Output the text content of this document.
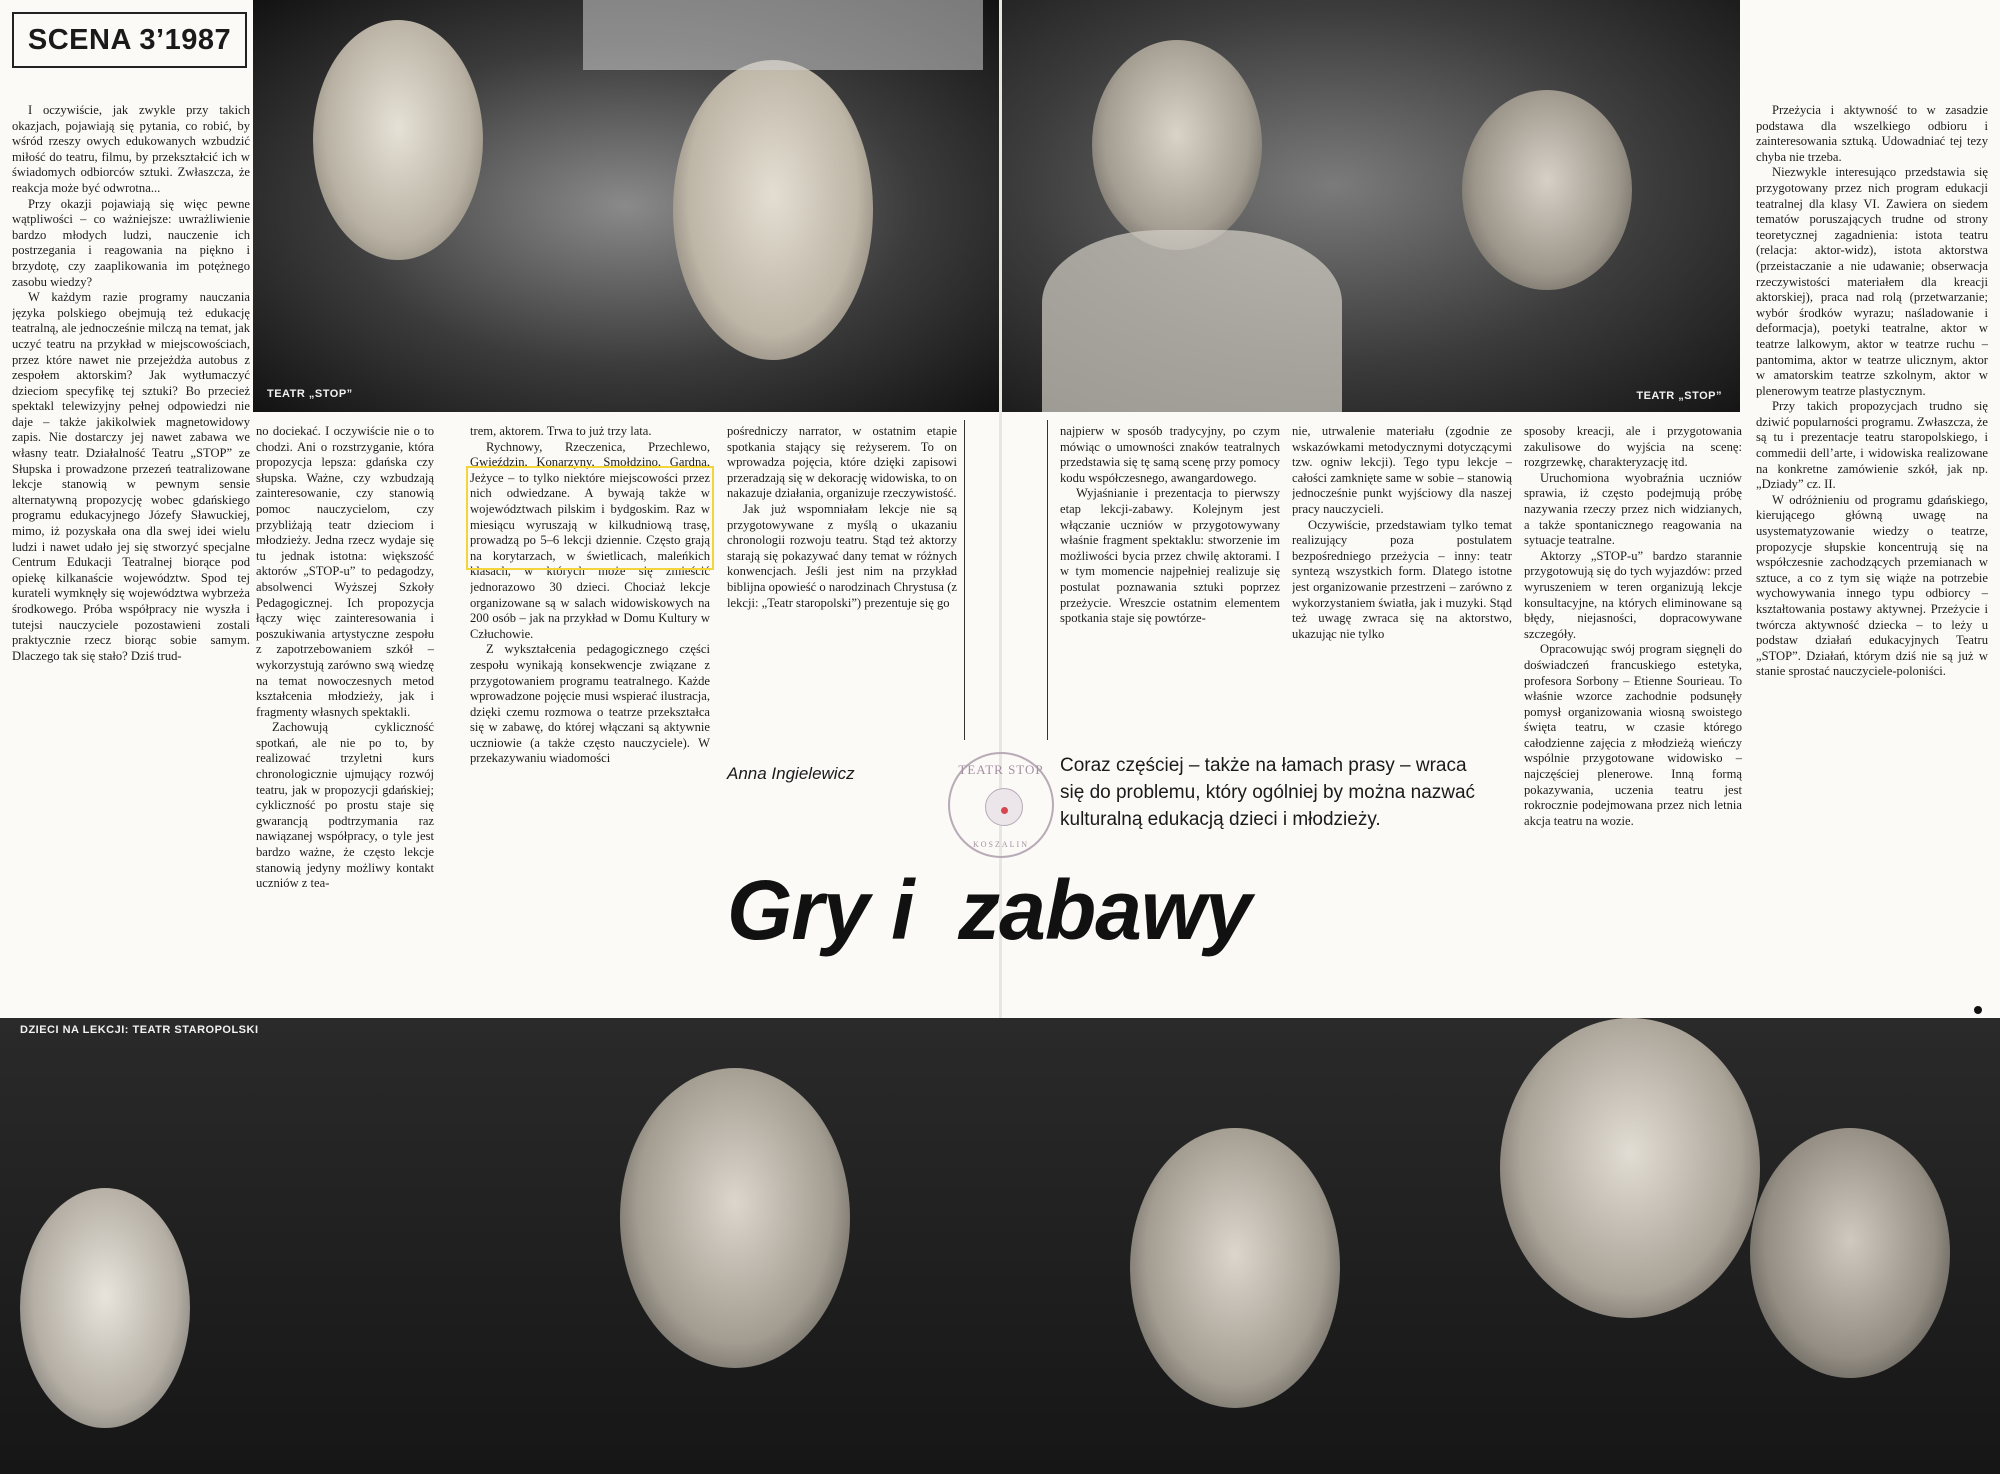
SCENA 3’1987
TEATR „STOP”	TEATR „STOP”

I oczywiście, jak zwykle przy takich okazjach, pojawiają się pytania, co robić, by wśród rzeszy owych edukowanych wzbudzić miłość do teatru, filmu, by przekształcić ich w świadomych odbiorców sztuki. Zwłaszcza, że reakcja może być odwrotna...

Przy okazji pojawiają się więc pewne wątpliwości – co ważniejsze: uwrażliwienie bardzo młodych ludzi, nauczenie ich postrzegania i reagowania na piękno i brzydotę, czy zaaplikowania im potężnego zasobu wiedzy?

W każdym razie programy nauczania języka polskiego obejmują też edukację teatralną, ale jednocześnie milczą na temat, jak uczyć teatru na przykład w miejscowościach, przez które nawet nie przejeżdża autobus z zespołem aktorskim? Jak wytłumaczyć dzieciom specyfikę tej sztuki? Bo przecież spektakl telewizyjny pełnej odpowiedzi nie daje – także jakikolwiek magnetowidowy zapis. Nie dostarczy jej nawet zabawa we własny teatr. Działalność Teatru „STOP” ze Słupska i prowadzone przezeń teatralizowane lekcje stanowią w pewnym sensie alternatywną propozycję wobec gdańskiego programu edukacyjnego Józefy Sławuckiej, mimo, iż pozyskała ona dla swej idei wielu ludzi i nawet udało jej się stworzyć specjalne Centrum Edukacji Teatralnej biorące pod opiekę kilkanaście województw. Spod tej kurateli wymknęły się województwa wybrzeża środkowego. Próba współpracy nie wyszła i tutejsi nauczyciele pozostawieni zostali praktycznie rzecz biorąc sobie samym. Dlaczego tak się stało? Dziś trud-

no dociekać. I oczywiście nie o to chodzi. Ani o rozstrzyganie, która propozycja lepsza: gdańska czy słupska. Ważne, czy wzbudzają zainteresowanie, czy stanowią pomoc nauczycielom, czy przybliżają teatr dzieciom i młodzieży. Jedna rzecz wydaje się tu jednak istotna: większość aktorów „STOP-u” to pedagodzy, absolwenci Wyższej Szkoły Pedagogicznej. Ich propozycja łączy więc zainteresowania i poszukiwania artystyczne zespołu z zapotrzebowaniem szkół – wykorzystują zarówno swą wiedzę na temat nowoczesnych metod kształcenia młodzieży, jak i fragmenty własnych spektakli.

Zachowują cykliczność spotkań, ale nie po to, by realizować trzyletni kurs chronologicznie ujmujący rozwój teatru, jak w propozycji gdańskiej; cykliczność po prostu staje się gwarancją podtrzymania raz nawiązanej współpracy, o tyle jest bardzo ważne, że często lekcje stanowią jedyny możliwy kontakt uczniów z tea-

trem, aktorem. Trwa to już trzy lata.

Rychnowy, Rzeczenica, Przechlewo, Gwieździn, Konarzyny, Smołdzino, Gardna, Jeżyce – to tylko niektóre miejscowości przez nich odwiedzane. A bywają także w województwach pilskim i bydgoskim. Raz w miesiącu wyruszają w kilkudniową trasę, prowadzą po 5–6 lekcji dziennie. Często grają na korytarzach, w świetlicach, maleńkich klasach, w których może się zmieścić jednorazowo 30 dzieci. Chociaż lekcje organizowane są w salach widowiskowych na 200 osób – jak na przykład w Domu Kultury w Człuchowie.

Z wykształcenia pedagogicznego części zespołu wynikają konsekwencje związane z przygotowaniem programu teatralnego. Każde wprowadzone pojęcie musi wspierać ilustracja, dzięki czemu rozmowa o teatrze przekształca się w zabawę, do której włączani są aktywnie uczniowie (a także często nauczyciele). W przekazywaniu wiadomości

pośredniczy narrator, w ostatnim etapie spotkania stający się reżyserem. To on wprowadza pojęcia, które dzięki zapisowi przeradzają się w dekorację widowiska, to on nakazuje działania, organizuje rzeczywistość.

Jak już wspomniałam lekcje nie są przygotowywane z myślą o ukazaniu chronologii rozwoju teatru. Stąd też aktorzy starają się pokazywać dany temat w różnych konwencjach. Jeśli jest nim na przykład biblijna opowieść o narodzinach Chrystusa (z lekcji: „Teatr staropolski”) prezentuje się go

Anna Ingielewicz	TEATR STOP
KOSZALIN

najpierw w sposób tradycyjny, po czym mówiąc o umowności znaków teatralnych przedstawia się tę samą scenę przy pomocy kodu współczesnego, awangardowego.

Wyjaśnianie i prezentacja to pierwszy etap lekcji-zabawy. Kolejnym jest włączanie uczniów w przygotowywany właśnie fragment spektaklu: stworzenie im możliwości bycia przez chwilę aktorami. I w tym momencie najpełniej realizuje się postulat poznawania sztuki poprzez przeżycie. Wreszcie ostatnim elementem spotkania staje się powtórze-

nie, utrwalenie materiału (zgodnie ze wskazówkami metodycznymi dotyczącymi tzw. ogniw lekcji). Tego typu lekcje – całości zamknięte same w sobie – stanowią jednocześnie punkt wyjściowy dla naszej pracy nauczycieli.

Oczywiście, przedstawiam tylko temat realizujący poza postulatem bezpośredniego przeżycia – inny: teatr syntezą wszystkich form. Dlatego istotne jest organizowanie przestrzeni – zarówno z wykorzystaniem światła, jak i muzyki. Stąd też uwagę zwraca się na aktorstwo, ukazując nie tylko

Coraz częściej – także na łamach prasy – wraca się do problemu, który ogólniej by można nazwać kulturalną edukacją dzieci i młodzieży.
Gry i  zabawy

sposoby kreacji, ale i przygotowania zakulisowe do wyjścia na scenę: rozgrzewkę, charakteryzację itd.

Uruchomiona wyobraźnia uczniów sprawia, iż często podejmują próbę nazywania rzeczy przez nich widzianych, a także spontanicznego reagowania na sytuacje teatralne.

Aktorzy „STOP-u” bardzo starannie przygotowują się do tych wyjazdów: przed wyruszeniem w teren organizują lekcje konsultacyjne, na których eliminowane są błędy, niejasności, dopracowywane szczegóły.

Opracowując swój program sięgnęli do doświadczeń francuskiego estetyka, profesora Sorbony – Etienne Sourieau. To właśnie wzorce zachodnie podsunęły pomysł organizowania wiosną swoistego święta teatru, w czasie którego całodzienne zajęcia z młodzieżą wieńczy wspólnie przygotowane widowisko – najczęściej plenerowe. Inną formą pokazywania, uczenia teatru jest rokrocznie podejmowana przez nich letnia akcja teatru na wozie.

Przeżycia i aktywność to w zasadzie podstawa dla wszelkiego odbioru i zainteresowania sztuką. Udowadniać tej tezy chyba nie trzeba.

Niezwykle interesująco przedstawia się przygotowany przez nich program edukacji teatralnej dla klasy VI. Zawiera on siedem tematów poruszających trudne od strony teoretycznej zagadnienia: istota teatru (relacja: aktor-widz), istota aktorstwa (przeistaczanie a nie udawanie; obserwacja rzeczywistości materiałem dla kreacji aktorskiej), praca nad rolą (przetwarzanie; wybór środków wyrazu; naśladowanie i deformacja), poetyki teatralne, aktor w teatrze lalkowym, aktor w teatrze ruchu – pantomima, aktor w teatrze ulicznym, aktor w amatorskim teatrze szkolnym, aktor w plenerowym teatrze plastycznym.

Przy takich propozycjach trudno się dziwić popularności programu. Zwłaszcza, że są tu i prezentacje teatru staropolskiego, i commedii dell’arte, i widowiska realizowane na konkretne zamówienie szkół, jak np. „Dziady” cz. II.

W odróżnieniu od programu gdańskiego, kierującego główną uwagę na usystematyzowanie wiedzy o teatrze, propozycje słupskie koncentrują się na współczesnie zachodzących przemianach w sztuce, a co z tym się wiąże na potrzebie wychowywania innego typu odbiorcy – kształtowania postawy aktywnej. Przeżycie i twórcza aktywność dziecka – to leży u podstaw działań edukacyjnych Teatru „STOP”. Działań, którym dziś nie są już w stanie sprostać nauczyciele-poloniści.

DZIECI NA LEKCJI: TEATR STAROPOLSKI
